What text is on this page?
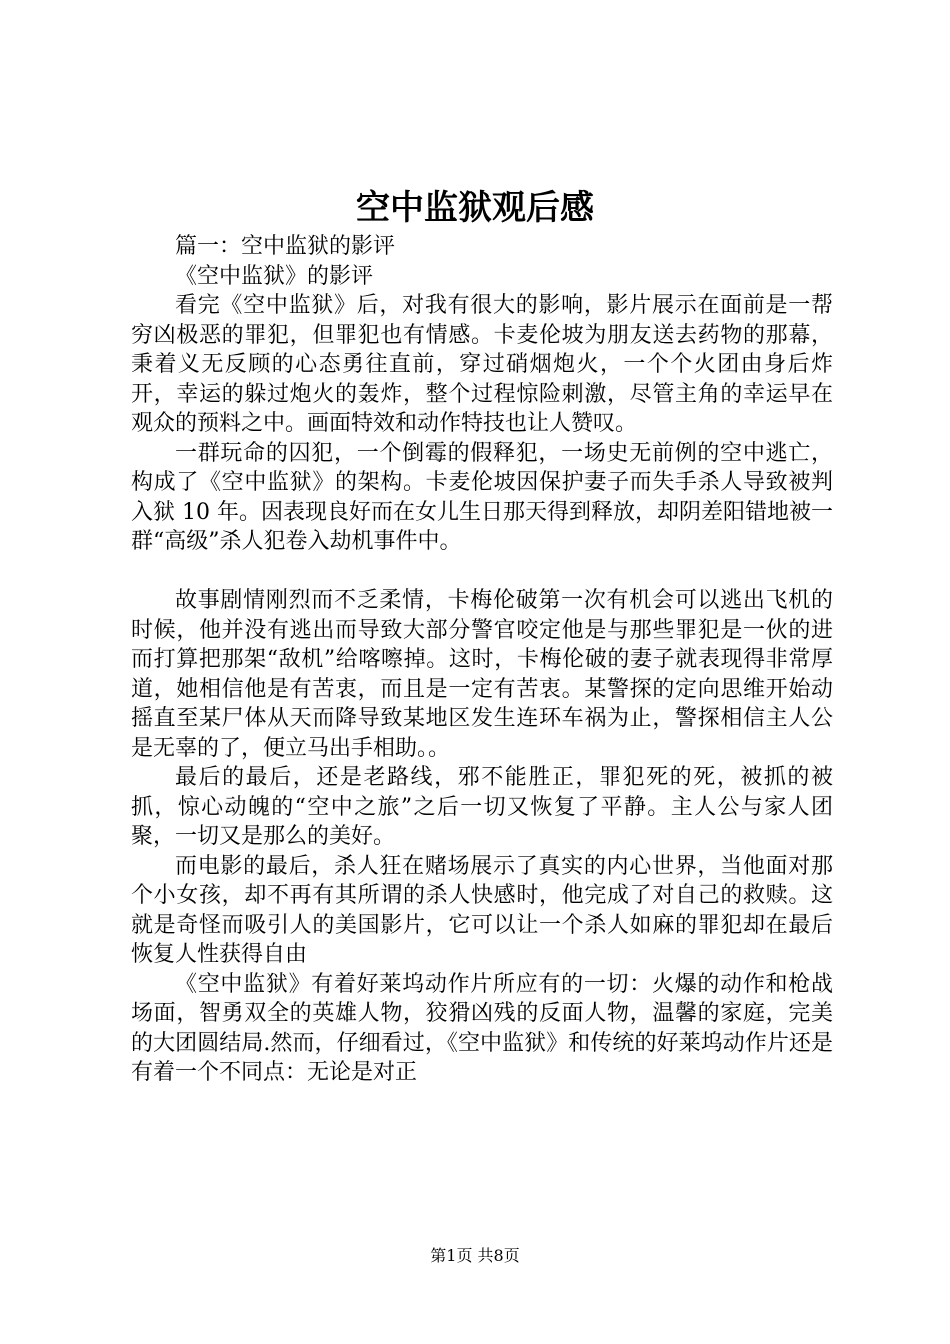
空中监狱观后感

篇一：空中监狱的影评

《空中监狱》的影评

看完《空中监狱》后，对我有很大的影响，影片展示在面前是一帮穷凶极恶的罪犯，但罪犯也有情感。卡麦伦坡为朋友送去药物的那幕，秉着义无反顾的心态勇往直前，穿过硝烟炮火，一个个火团由身后炸开，幸运的躲过炮火的轰炸，整个过程惊险刺激，尽管主角的幸运早在观众的预料之中。画面特效和动作特技也让人赞叹。

一群玩命的囚犯，一个倒霉的假释犯，一场史无前例的空中逃亡，构成了《空中监狱》的架构。卡麦伦坡因保护妻子而失手杀人导致被判入狱 10 年。因表现良好而在女儿生日那天得到释放，却阴差阳错地被一群“高级”杀人犯卷入劫机事件中。

故事剧情刚烈而不乏柔情，卡梅伦破第一次有机会可以逃出飞机的时候，他并没有逃出而导致大部分警官咬定他是与那些罪犯是一伙的进而打算把那架“敌机”给喀嚓掉。这时，卡梅伦破的妻子就表现得非常厚道，她相信他是有苦衷，而且是一定有苦衷。某警探的定向思维开始动摇直至某尸体从天而降导致某地区发生连环车祸为止，警探相信主人公是无辜的了，便立马出手相助。。

最后的最后，还是老路线，邪不能胜正，罪犯死的死，被抓的被抓，惊心动魄的“空中之旅”之后一切又恢复了平静。主人公与家人团聚，一切又是那么的美好。

而电影的最后，杀人狂在赌场展示了真实的内心世界，当他面对那个小女孩，却不再有其所谓的杀人快感时，他完成了对自己的救赎。这就是奇怪而吸引人的美国影片，它可以让一个杀人如麻的罪犯却在最后恢复人性获得自由

《空中监狱》有着好莱坞动作片所应有的一切：火爆的动作和枪战场面，智勇双全的英雄人物，狡猾凶残的反面人物，温馨的家庭，完美的大团圆结局.然而，仔细看过，《空中监狱》和传统的好莱坞动作片还是有着一个不同点：无论是对正

第1页 共8页
